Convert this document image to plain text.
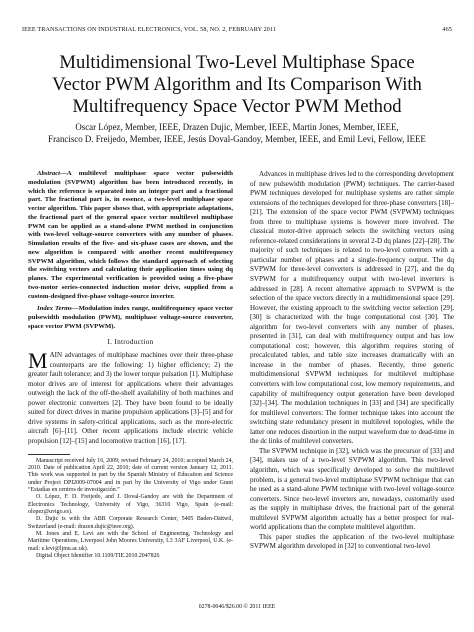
IEEE TRANSACTIONS ON INDUSTRIAL ELECTRONICS, VOL. 58, NO. 2, FEBRUARY 2011	465
Multidimensional Two-Level Multiphase Space
Vector PWM Algorithm and Its Comparison With
Multifrequency Space Vector PWM Method
Oscar López, Member, IEEE, Drazen Dujic, Member, IEEE, Martin Jones, Member, IEEE,
Francisco D. Freijedo, Member, IEEE, Jesús Doval-Gandoy, Member, IEEE, and Emil Levi, Fellow, IEEE

Abstract—A multilevel multiphase space vector pulsewidth modulation (SVPWM) algorithm has been introduced recently, in which the reference is separated into an integer part and a fractional part. The fractional part is, in essence, a two-level multiphase space vector algorithm. This paper shows that, with appropriate adaptations, the fractional part of the general space vector multilevel multiphase PWM can be applied as a stand-alone PWM method in conjunction with two-level voltage-source converters with any number of phases. Simulation results of the five- and six-phase cases are shown, and the new algorithm is compared with another recent multifrequency SVPWM algorithm, which follows the standard approach of selecting the switching vectors and calculating their application times using dq planes. The experimental verification is provided using a five-phase two-motor series-connected induction motor drive, supplied from a custom-designed five-phase voltage-source inverter.

Index Terms—Modulation index range, multifrequency space vector pulsewidth modulation (PWM), multiphase voltage-source converter, space vector PWM (SVPWM).

I. Introduction

MAIN advantages of multiphase machines over their three-phase counterparts are the following: 1) higher efficiency; 2) the greater fault tolerance; and 3) the lower torque pulsation [1]. Multiphase motor drives are of interest for applications where their advantages outweigh the lack of the off-the-shelf availability of both machines and power electronic converters [2]. They have been found to be ideally suited for direct drives in marine propulsion applications [3]–[5] and for drive systems in safety-critical applications, such as the more-electric aircraft [6]–[11]. Other recent applications include electric vehicle propulsion [12]–[15] and locomotive traction [16], [17].

Manuscript received July 16, 2009; revised February 24, 2010; accepted March 24, 2010. Date of publication April 22, 2010; date of current version January 12, 2011. This work was supported in part by the Spanish Ministry of Education and Science under Project DPI2009-07004 and in part by the University of Vigo under Grant “Estadías en centros de investigación.”

O. López, F. D. Freijedo, and J. Doval-Gandoy are with the Department of Electronics Technology, University of Vigo, 36310 Vigo, Spain (e-mail: olopez@uvigo.es).

D. Dujic is with the ABB Corporate Research Center, 5405 Baden-Dättwil, Switzerland (e-mail: drazen.dujic@ieee.org).

M. Jones and E. Levi are with the School of Engineering, Technology and Maritime Operations, Liverpool John Moores University, L3 3AF Liverpool, U.K. (e-mail: e.levi@ljmu.ac.uk).

Digital Object Identifier 10.1109/TIE.2010.2047826

Advances in multiphase drives led to the corresponding development of new pulsewidth modulation (PWM) techniques. The carrier-based PWM techniques developed for multiphase systems are rather simple extensions of the techniques developed for three-phase converters [18]–[21]. The extension of the space vector PWM (SVPWM) techniques from three to multiphase systems is however more involved. The classical motor-drive approach selects the switching vectors using reference-related considerations in several 2-D dq planes [22]–[28]. The majority of such techniques is related to two-level converters with a particular number of phases and a single-frequency output. The dq SVPWM for three-level converters is addressed in [27], and the dq SVPWM for a multifrequency output with two-level inverters is addressed in [28]. A recent alternative approach to SVPWM is the selection of the space vectors directly in a multidimensional space [29]. However, the existing approach to the switching vector selection [29], [30] is characterized with the huge computational cost [30]. The algorithm for two-level converters with any number of phases, presented in [31], can deal with multifrequency output and has low computational cost; however, this algorithm requires storing of precalculated tables, and table size increases dramatically with an increase in the number of phases. Recently, three generic multidimensional SVPWM techniques for multilevel multiphase converters with low computational cost, low memory requirements, and capability of multifrequency output generation have been developed [32]–[34]. The modulation techniques in [33] and [34] are specifically for multilevel converters: The former technique takes into account the switching state redundancy present in multilevel topologies, while the latter one reduces distortion in the output waveform due to dead-time in the dc links of multilevel converters.

The SVPWM technique in [32], which was the precursor of [33] and [34], makes use of a two-level SVPWM algorithm. This two-level algorithm, which was specifically developed to solve the multilevel problem, is a general two-level multiphase SVPWM technique that can be used as a stand-alone PWM technique with two-level voltage-source converters. Since two-level inverters are, nowadays, customarily used as the supply in multiphase drives, the fractional part of the general multilevel SVPWM algorithm actually has a better prospect for real-world applications than the complete multilevel algorithm.

This paper studies the application of the two-level multiphase SVPWM algorithm developed in [32] to conventional two-level

0278-0046/$26.00 © 2011 IEEE
